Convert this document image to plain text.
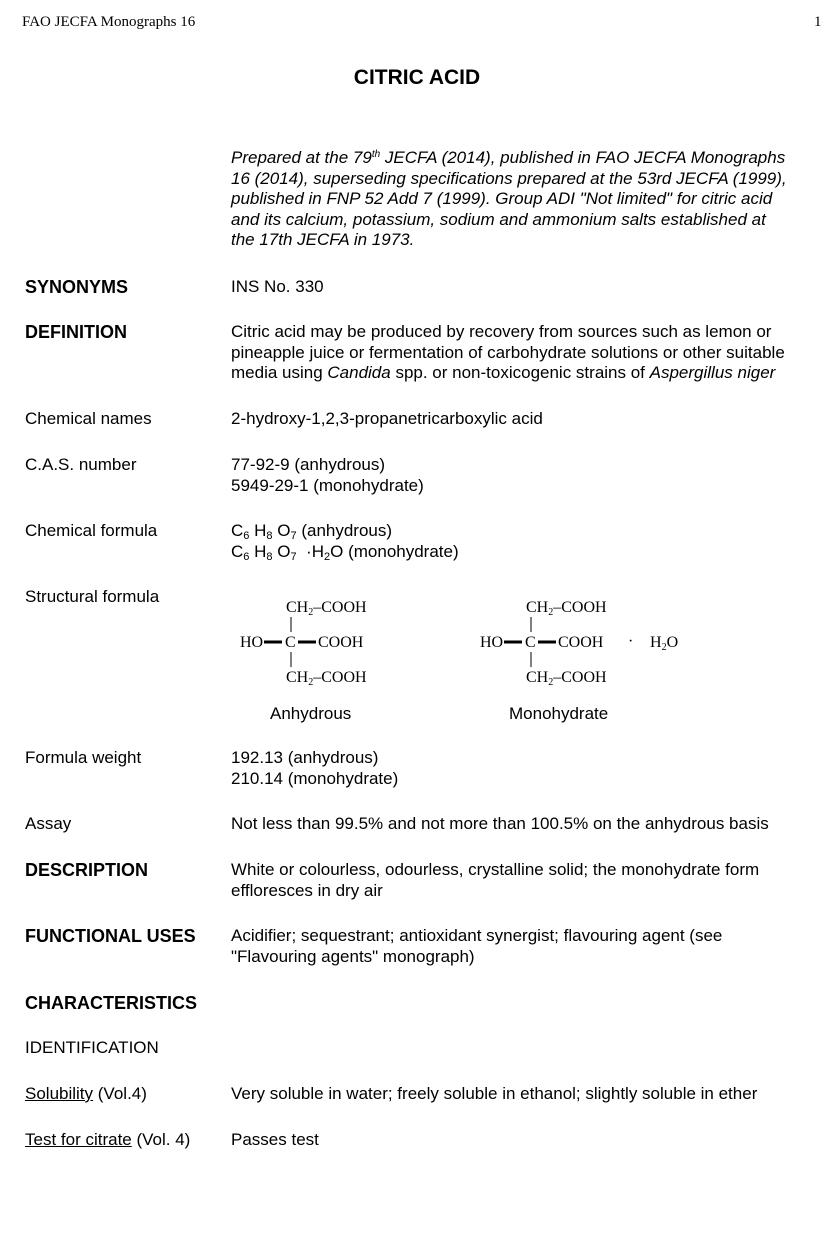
FAO JECFA Monographs 16	1
CITRIC ACID
Prepared at the 79th JECFA (2014), published in FAO JECFA Monographs
16 (2014), superseding specifications prepared at the 53rd JECFA (1999),
published in FNP 52 Add 7 (1999). Group ADI "Not limited" for citric acid
and its calcium, potassium, sodium and ammonium salts established at
the 17th JECFA in 1973.
SYNONYMS	INS No. 330
DEFINITION	Citric acid may be produced by recovery from sources such as lemon or
pineapple juice or fermentation of carbohydrate solutions or other suitable
media using Candida spp. or non-toxicogenic strains of Aspergillus niger
Chemical names	2-hydroxy-1,2,3-propanetricarboxylic acid
C.A.S. number	77-92-9 (anhydrous)
5949-29-1 (monohydrate)
Chemical formula	$C_6$ $H_8$ $O_7$ (anhydrous)
$C_6$ $H_8$ $O_7 \cdot H_2O$ (monohydrate)
Structural formula
CH2–COOH
HO C COOH
CH2–COOH
CH2–COOH
HO C COOH
CH2–COOH
· H2O
Anhydrous	Monohydrate
Formula weight	192.13 (anhydrous)
210.14 (monohydrate)
Assay	Not less than 99.5% and not more than 100.5% on the anhydrous basis
DESCRIPTION	White or colourless, odourless, crystalline solid; the monohydrate form
effloresces in dry air
FUNCTIONAL USES Acidifier; sequestrant; antioxidant synergist; flavouring agent (see
"Flavouring agents" monograph)
CHARACTERISTICS
IDENTIFICATION
Solubility (Vol.4)	Very soluble in water; freely soluble in ethanol; slightly soluble in ether
Test for citrate (Vol. 4) Passes test
